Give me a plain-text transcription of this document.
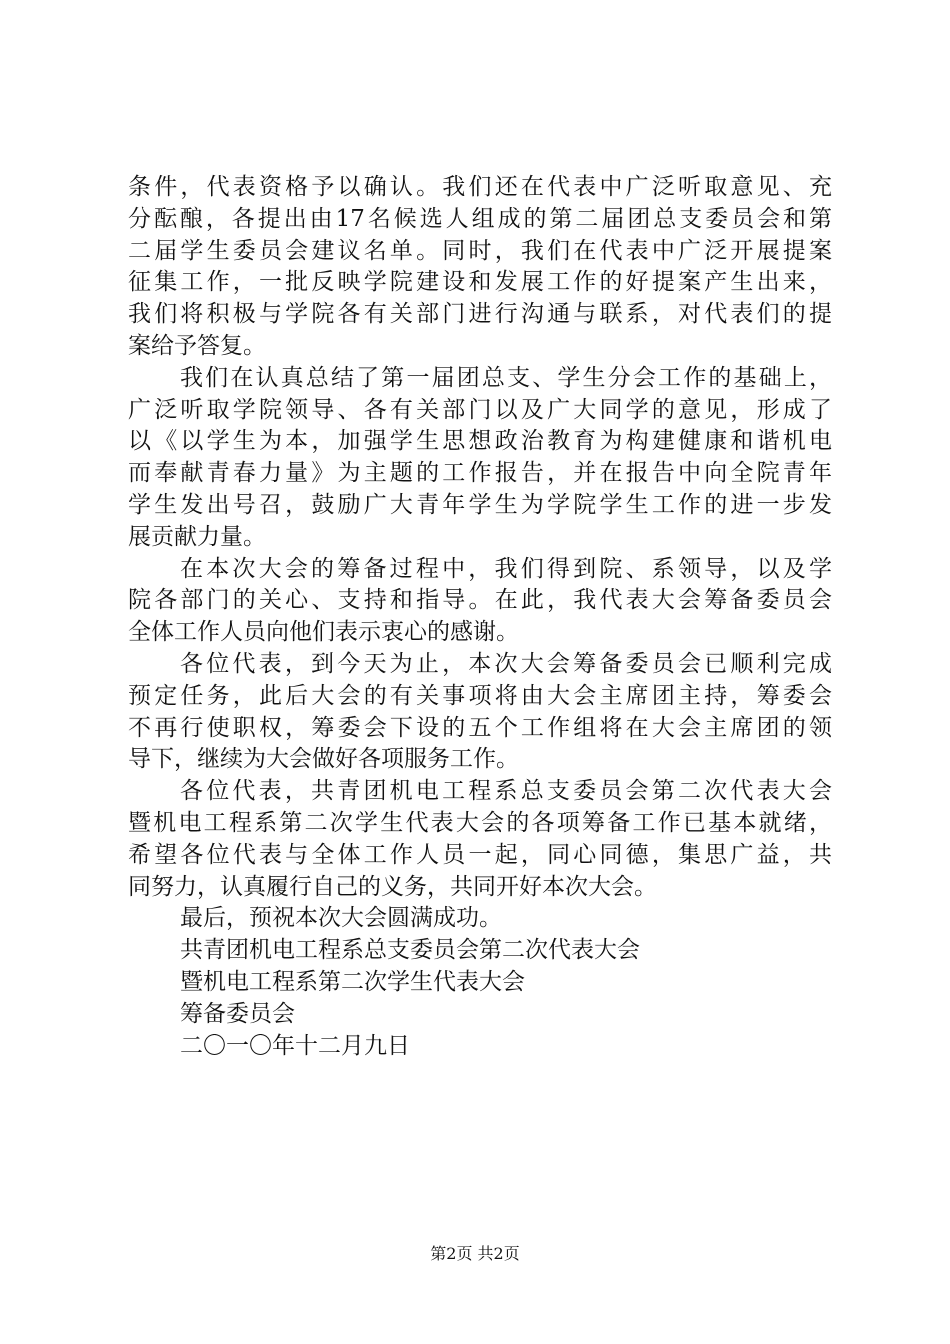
条件，代表资格予以确认。我们还在代表中广泛听取意见、充
分酝酿，各提出由17名候选人组成的第二届团总支委员会和第
二届学生委员会建议名单。同时，我们在代表中广泛开展提案
征集工作，一批反映学院建设和发展工作的好提案产生出来，
我们将积极与学院各有关部门进行沟通与联系，对代表们的提
案给予答复。
我们在认真总结了第一届团总支、学生分会工作的基础上，
广泛听取学院领导、各有关部门以及广大同学的意见，形成了
以《以学生为本，加强学生思想政治教育为构建健康和谐机电
而奉献青春力量》为主题的工作报告，并在报告中向全院青年
学生发出号召，鼓励广大青年学生为学院学生工作的进一步发
展贡献力量。
在本次大会的筹备过程中，我们得到院、系领导，以及学
院各部门的关心、支持和指导。在此，我代表大会筹备委员会
全体工作人员向他们表示衷心的感谢。
各位代表，到今天为止，本次大会筹备委员会已顺利完成
预定任务，此后大会的有关事项将由大会主席团主持，筹委会
不再行使职权，筹委会下设的五个工作组将在大会主席团的领
导下，继续为大会做好各项服务工作。
各位代表，共青团机电工程系总支委员会第二次代表大会
暨机电工程系第二次学生代表大会的各项筹备工作已基本就绪，
希望各位代表与全体工作人员一起，同心同德，集思广益，共
同努力，认真履行自己的义务，共同开好本次大会。
最后，预祝本次大会圆满成功。
共青团机电工程系总支委员会第二次代表大会
暨机电工程系第二次学生代表大会
筹备委员会
二〇一〇年十二月九日
第2页 共2页
